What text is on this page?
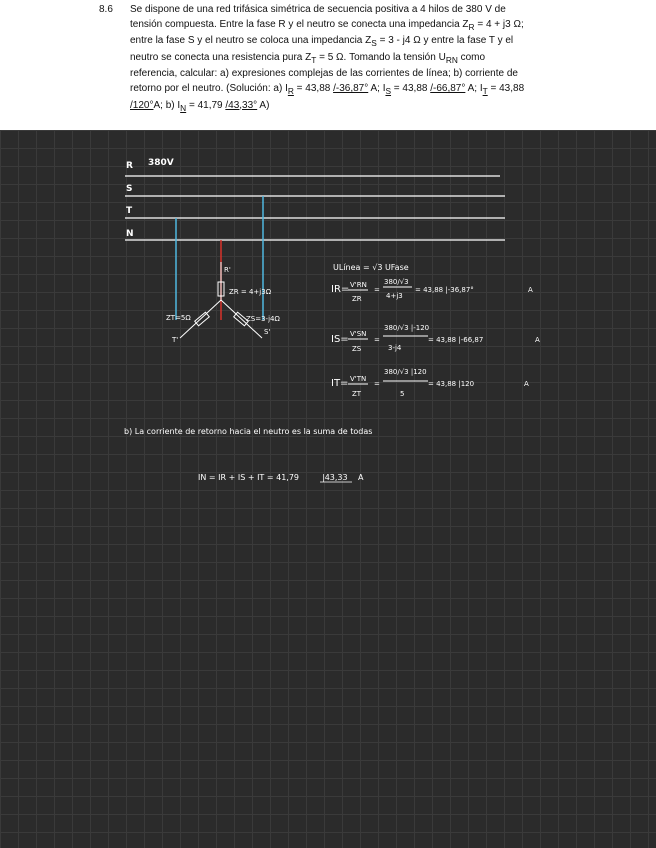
8.6 Se dispone de una red trifásica simétrica de secuencia positiva a 4 hilos de 380 V de
tensión compuesta. Entre la fase R y el neutro se conecta una impedancia $Z_R = 4 + j3$ Ω;
entre la fase S y el neutro se coloca una impedancia $Z_S = 3 - j4$ Ω y entre la fase T y el
neutro se conecta una resistencia pura $Z_T = 5$ Ω. Tomando la tensión $U_{RN}$ como
referencia, calcular: a) expresiones complejas de las corrientes de línea; b) corriente de
retorno por el neutro. (Solución: a) $I_R = 43,88$ /-36,87° A; $I_S = 43,88$ /-66,87° A; $I_T = 43,88$
/120°A; b) $I_N = 41,79$ /43,33° A)

R
S
T
N
380V
R'
S'
T'
ZR = 4+j3Ω
ZT=5Ω	ZS=3-j4Ω
ULínea = √3 UFase
IR= V'RN
ZR
=
380/√3
4+j3
= 43,88 |-36,87°	A
IS= V'SN
ZS
=
380/√3 |-120
3-j4
= 43,88 |-66,87	A
IT= V'TN
ZT
=
380/√3 |120
5
= 43,88 |120	A
b) La corriente de retorno hacia el neutro es la suma de todas
IN = IR + IS + IT = 41,79	|43,33 A
